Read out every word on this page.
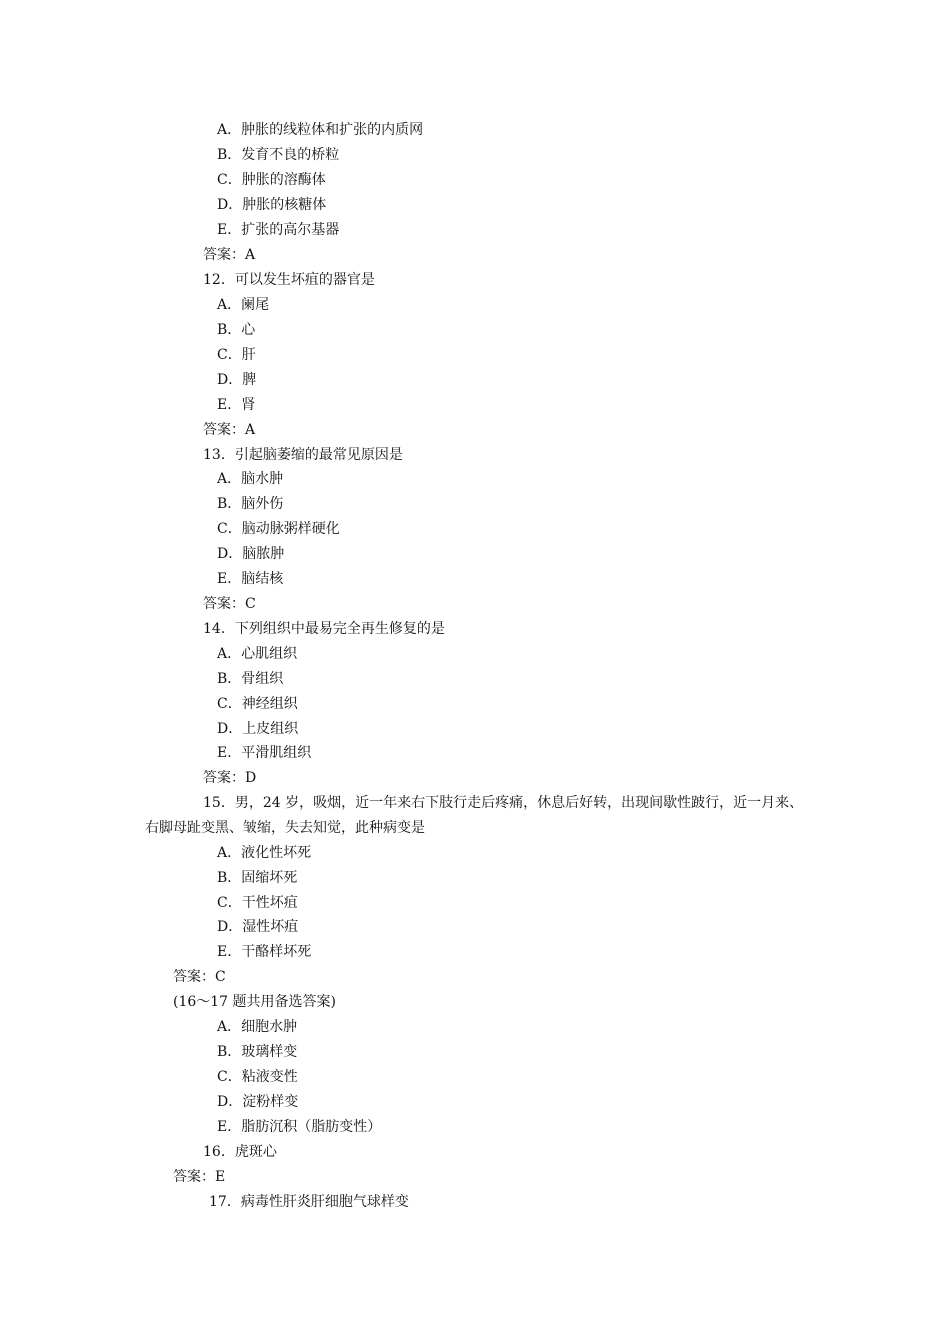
A．肿胀的线粒体和扩张的内质网
B．发育不良的桥粒
C．肿胀的溶酶体
D．肿胀的核糖体
E．扩张的高尔基器
答案：A
12．可以发生坏疽的器官是
A．阑尾
B．心
C．肝
D．脾
E．肾
答案：A
13．引起脑萎缩的最常见原因是
A．脑水肿
B．脑外伤
C．脑动脉粥样硬化
D．脑脓肿
E．脑结核
答案：C
14．下列组织中最易完全再生修复的是
A．心肌组织
B．骨组织
C．神经组织
D．上皮组织
E．平滑肌组织
答案：D
15．男，24 岁，吸烟，近一年来右下肢行走后疼痛，休息后好转，出现间歇性跛行，近一月来、
右脚母趾变黑、皱缩，失去知觉，此种病变是
A．液化性坏死
B．固缩坏死
C．干性坏疽
D．湿性坏疽
E．干酪样坏死
答案：C
(16～17 题共用备选答案)
A．细胞水肿
B．玻璃样变
C．粘液变性
D．淀粉样变
E．脂肪沉积（脂肪变性）
16．虎斑心
答案：E
17．病毒性肝炎肝细胞气球样变
